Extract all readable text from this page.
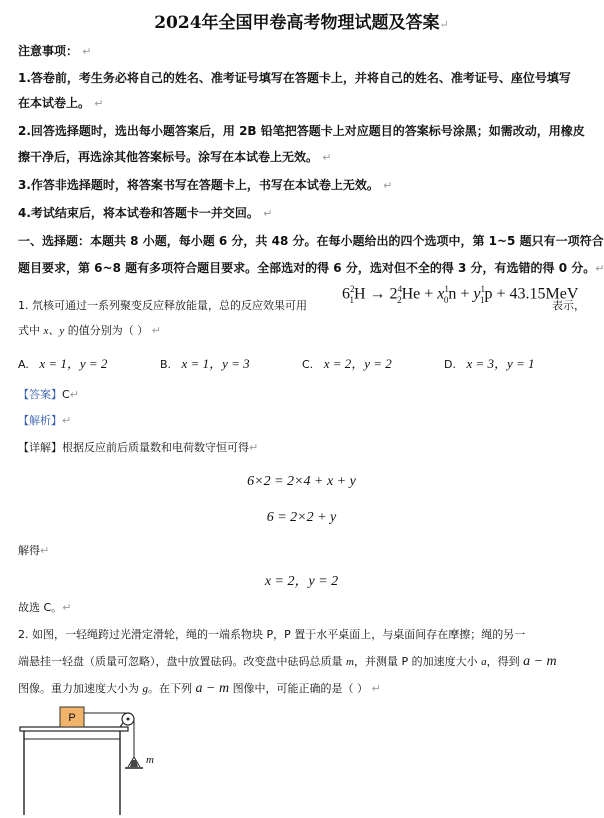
2024年全国甲卷高考物理试题及答案↵
注意事项： ↵
1.答卷前，考生务必将自己的姓名、准考证号填写在答题卡上，并将自己的姓名、准考证号、座位号填写
在本试卷上。 ↵
2.回答选择题时，选出每小题答案后，用 2B 铅笔把答题卡上对应题目的答案标号涂黑；如需改动，用橡皮
擦干净后，再选涂其他答案标号。涂写在本试卷上无效。 ↵
3.作答非选择题时，将答案书写在答题卡上，书写在本试卷上无效。 ↵
4.考试结束后，将本试卷和答题卡一并交回。 ↵
一、选择题：本题共 8 小题，每小题 6 分，共 48 分。在每小题给出的四个选项中，第 1~5 题只有一项符合
题目要求，第 6~8 题有多项符合题目要求。全部选对的得 6 分，选对但不全的得 3 分，有选错的得 0 分。↵
1. 氘核可通过一系列聚变反应释放能量，总的反应效果可用
$6^2_1H \to 2^4_2He + x^1_0n + y^1_1p + 43.15MeV$
表示，
式中 x、y 的值分别为（ ） ↵
A. x = 1，y = 2	B. x = 1，y = 3	C. x = 2，y = 2	D. x = 3，y = 1
【答案】C↵
【解析】↵
【详解】根据反应前后质量数和电荷数守恒可得↵
6×2 = 2×4 + x + y
6 = 2×2 + y
解得↵
x = 2，y = 2
故选 C。↵
2. 如图，一轻绳跨过光滑定滑轮，绳的一端系物块 P，P 置于水平桌面上，与桌面间存在摩擦；绳的另一
端悬挂一轻盘（质量可忽略），盘中放置砝码。改变盘中砝码总质量 m，并测量 P 的加速度大小 a，得到 a − m
图像。重力加速度大小为 g。在下列 a − m 图像中，可能正确的是（ ） ↵
P
m
